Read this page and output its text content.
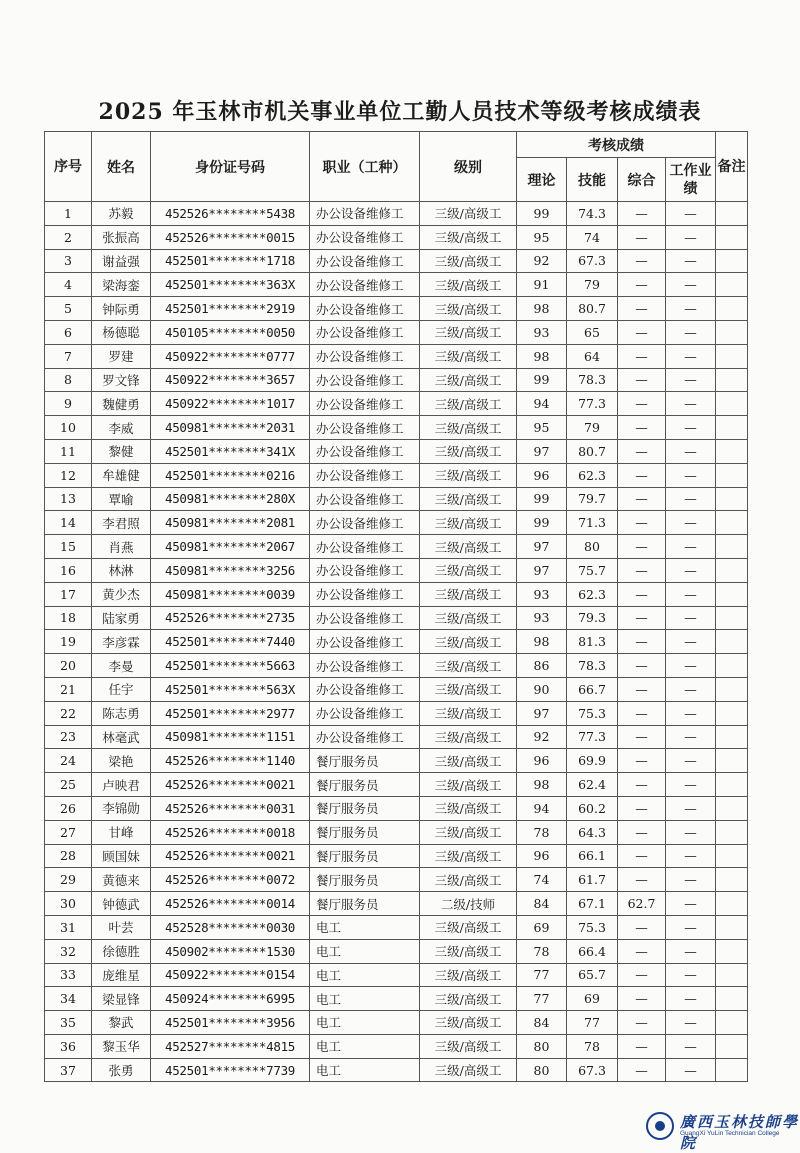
2025 年玉林市机关事业单位工勤人员技术等级考核成绩表
序号	姓名	身份证号码	职业（工种）	级别	考核成绩				备注
					理论	技能	综合	工作业绩	
1	苏毅	452526********5438	办公设备维修工	三级/高级工	99	74.3	—	—	
2	张振高	452526********0015	办公设备维修工	三级/高级工	95	74	—	—	
3	谢益强	452501********1718	办公设备维修工	三级/高级工	92	67.3	—	—	
4	梁海銮	452501********363X	办公设备维修工	三级/高级工	91	79	—	—	
5	钟际勇	452501********2919	办公设备维修工	三级/高级工	98	80.7	—	—	
6	杨德聪	450105********0050	办公设备维修工	三级/高级工	93	65	—	—	
7	罗建	450922********0777	办公设备维修工	三级/高级工	98	64	—	—	
8	罗文锋	450922********3657	办公设备维修工	三级/高级工	99	78.3	—	—	
9	魏健勇	450922********1017	办公设备维修工	三级/高级工	94	77.3	—	—	
10	李威	450981********2031	办公设备维修工	三级/高级工	95	79	—	—	
11	黎健	452501********341X	办公设备维修工	三级/高级工	97	80.7	—	—	
12	牟雄健	452501********0216	办公设备维修工	三级/高级工	96	62.3	—	—	
13	覃喻	450981********280X	办公设备维修工	三级/高级工	99	79.7	—	—	
14	李君照	450981********2081	办公设备维修工	三级/高级工	99	71.3	—	—	
15	肖燕	450981********2067	办公设备维修工	三级/高级工	97	80	—	—	
16	林淋	450981********3256	办公设备维修工	三级/高级工	97	75.7	—	—	
17	黄少杰	450981********0039	办公设备维修工	三级/高级工	93	62.3	—	—	
18	陆家勇	452526********2735	办公设备维修工	三级/高级工	93	79.3	—	—	
19	李彦霖	452501********7440	办公设备维修工	三级/高级工	98	81.3	—	—	
20	李曼	452501********5663	办公设备维修工	三级/高级工	86	78.3	—	—	
21	任宇	452501********563X	办公设备维修工	三级/高级工	90	66.7	—	—	
22	陈志勇	452501********2977	办公设备维修工	三级/高级工	97	75.3	—	—	
23	林毫武	450981********1151	办公设备维修工	三级/高级工	92	77.3	—	—	
24	梁艳	452526********1140	餐厅服务员	三级/高级工	96	69.9	—	—	
25	卢映君	452526********0021	餐厅服务员	三级/高级工	98	62.4	—	—	
26	李锦勋	452526********0031	餐厅服务员	三级/高级工	94	60.2	—	—	
27	甘峰	452526********0018	餐厅服务员	三级/高级工	78	64.3	—	—	
28	顾国妹	452526********0021	餐厅服务员	三级/高级工	96	66.1	—	—	
29	黄德来	452526********0072	餐厅服务员	三级/高级工	74	61.7	—	—	
30	钟德武	452526********0014	餐厅服务员	二级/技师	84	67.1	62.7	—	
31	叶芸	452528********0030	电工	三级/高级工	69	75.3	—	—	
32	徐德胜	450902********1530	电工	三级/高级工	78	66.4	—	—	
33	庞维星	450922********0154	电工	三级/高级工	77	65.7	—	—	
34	梁显锋	450924********6995	电工	三级/高级工	77	69	—	—	
35	黎武	452501********3956	电工	三级/高级工	84	77	—	—	
36	黎玉华	452527********4815	电工	三级/高级工	80	78	—	—	
37	张勇	452501********7739	电工	三级/高级工	80	67.3	—	—	
廣西玉林技師學院
GuangXi YuLin Technician College
